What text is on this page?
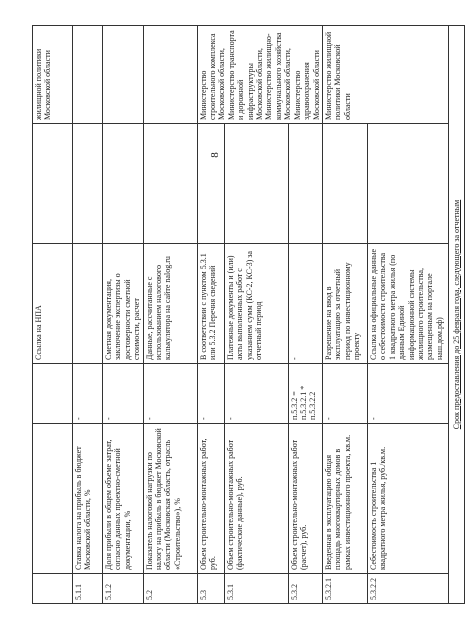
8
			Ссылка на НПА		жилищной политики Московской области
5.1.1	Ставка налога на прибыль в бюджет Московской области, %	-			
5.1.2	Доля прибыли в общем объеме затрат, согласно данных проектно-сметной документации, %	-	Сметная документация, заключение экспертизы о достоверности сметной стоимости, расчет		
5.2	Показатель налоговой нагрузки по налогу на прибыль в бюджет Московской области (Московская область, отрасль «Строительство»), %	-	Данные, рассчитанные с использованием налогового калькулятора на сайте nalog.ru		
5.3	Объем строительно-монтажных работ, руб.	-	В соответствии с пунктом 5.3.1 или 5.3.2 Перечня сведений		Министерство строительного комплекса Московской области, Министерство транспорта и дорожной инфраструктуры Московской области, Министерство жилищно-коммунального хозяйства Московской области, Министерство здравоохранения Московской области
5.3.1	Объем строительно-монтажных работ (фактические данные), руб.	-	Платежные документы и (или) акты выполненных работ с указанием сумм (КС-2, КС-3) за отчетный период		
5.3.2	Объем строительно-монтажных работ (расчет), руб.	п.5.3.2 = п.5.3.2.1 * п.5.3.2.2	-		
5.3.2.1	Введенная в эксплуатацию общая площадь многоквартирных домов в рамках инвестиционного проекта, кв.м.	-	Разрешение на ввод в эксплуатацию за отчетный период по инвестиционному проекту		Министерство жилищной политики Московской области
5.3.2.2	Себестоимость строительства 1 квадратного метра жилья, руб./кв.м.	-	Ссылка на официальные данные о себестоимости строительства 1 квадратного метра жилья (по данным Единой информационной системы жилищного строительства, размещенным на портале наш.дом.рф)		
Срок предоставления до 25 февраля года, следующего за отчетным					
